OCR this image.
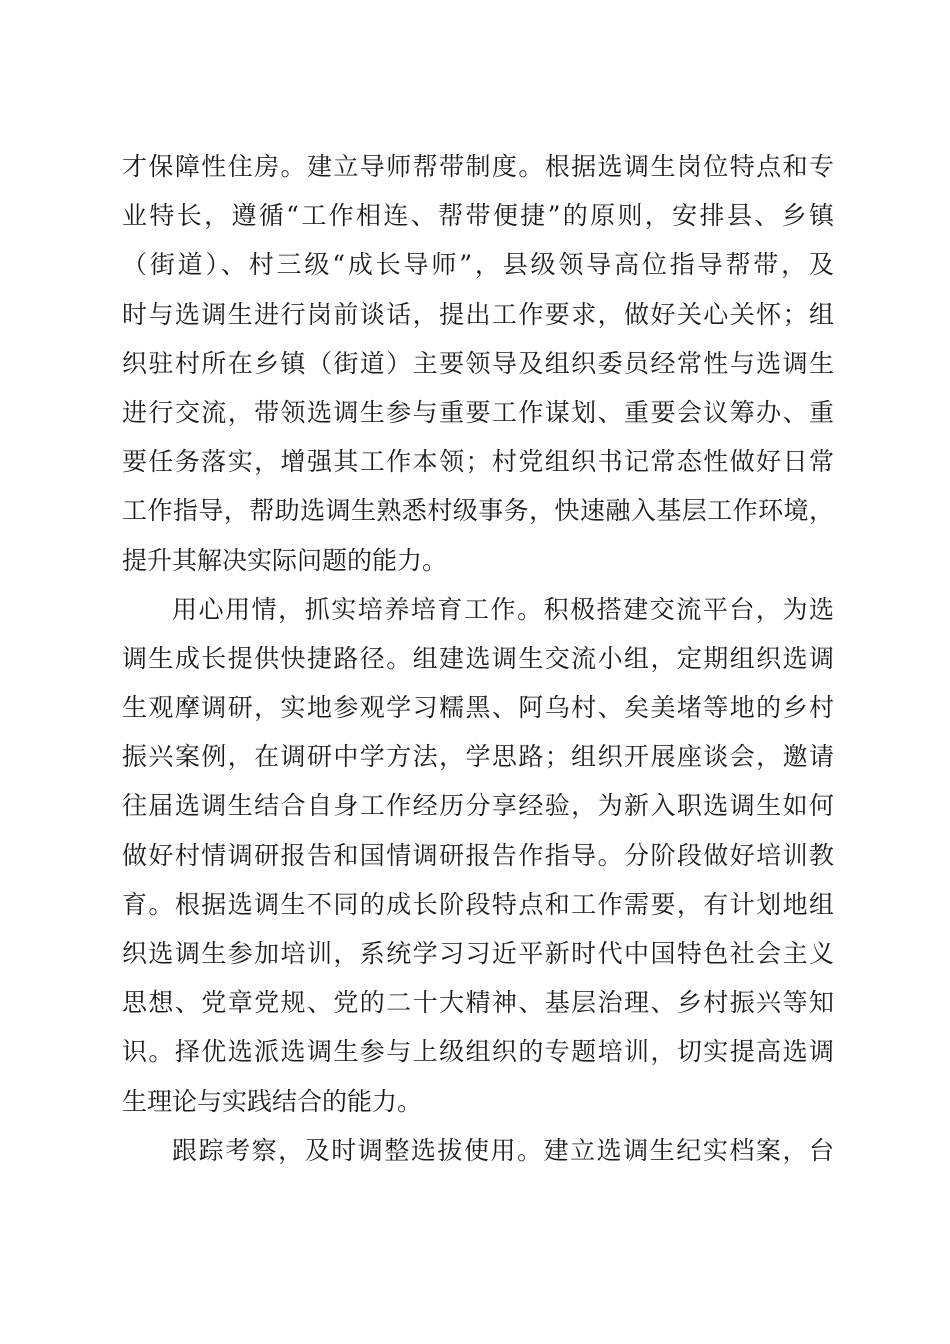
才保障性住房。建立导师帮带制度。根据选调生岗位特点和专
业特长，遵循“工作相连、帮带便捷”的原则，安排县、乡镇
（街道）、村三级“成长导师”，县级领导高位指导帮带，及
时与选调生进行岗前谈话，提出工作要求，做好关心关怀；组
织驻村所在乡镇（街道）主要领导及组织委员经常性与选调生
进行交流，带领选调生参与重要工作谋划、重要会议筹办、重
要任务落实，增强其工作本领；村党组织书记常态性做好日常
工作指导，帮助选调生熟悉村级事务，快速融入基层工作环境，
提升其解决实际问题的能力。
用心用情，抓实培养培育工作。积极搭建交流平台，为选
调生成长提供快捷路径。组建选调生交流小组，定期组织选调
生观摩调研，实地参观学习糯黑、阿乌村、矣美堵等地的乡村
振兴案例，在调研中学方法，学思路；组织开展座谈会，邀请
往届选调生结合自身工作经历分享经验，为新入职选调生如何
做好村情调研报告和国情调研报告作指导。分阶段做好培训教
育。根据选调生不同的成长阶段特点和工作需要，有计划地组
织选调生参加培训，系统学习习近平新时代中国特色社会主义
思想、党章党规、党的二十大精神、基层治理、乡村振兴等知
识。择优选派选调生参与上级组织的专题培训，切实提高选调
生理论与实践结合的能力。
跟踪考察，及时调整选拔使用。建立选调生纪实档案，台
